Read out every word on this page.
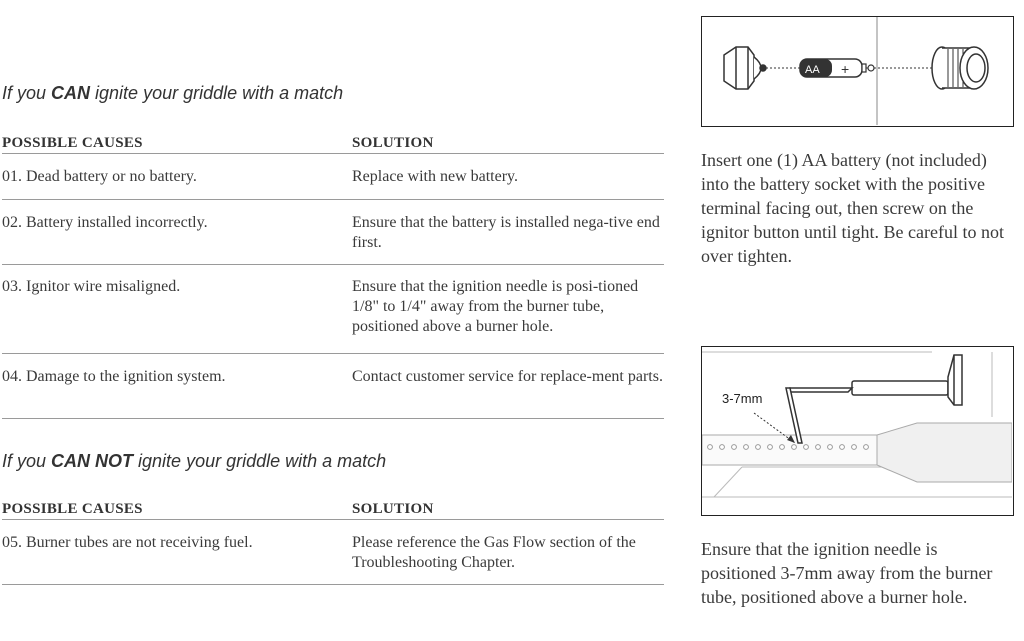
If you CAN ignite your griddle with a match
POSSIBLE CAUSES	SOLUTION
01. Dead battery or no battery.	Replace with new battery.
02. Battery installed incorrectly.	Ensure that the battery is installed nega-tive end first.
03. Ignitor wire misaligned.	Ensure that the ignition needle is posi-tioned 1/8" to 1/4" away from the burner tube, positioned above a burner hole.
04. Damage to the ignition system.	Contact customer service for replace-ment parts.
If you CAN NOT ignite your griddle with a match
POSSIBLE CAUSES	SOLUTION
05. Burner tubes are not receiving fuel.	Please reference the Gas Flow section of the Troubleshooting Chapter.
AA +
Insert one (1) AA battery (not included) into the battery socket with the positive terminal facing out, then screw on the ignitor button until tight. Be careful to not over tighten.
3-7mm
Ensure that the ignition needle is positioned 3-7mm away from the burner tube, positioned above a burner hole.
